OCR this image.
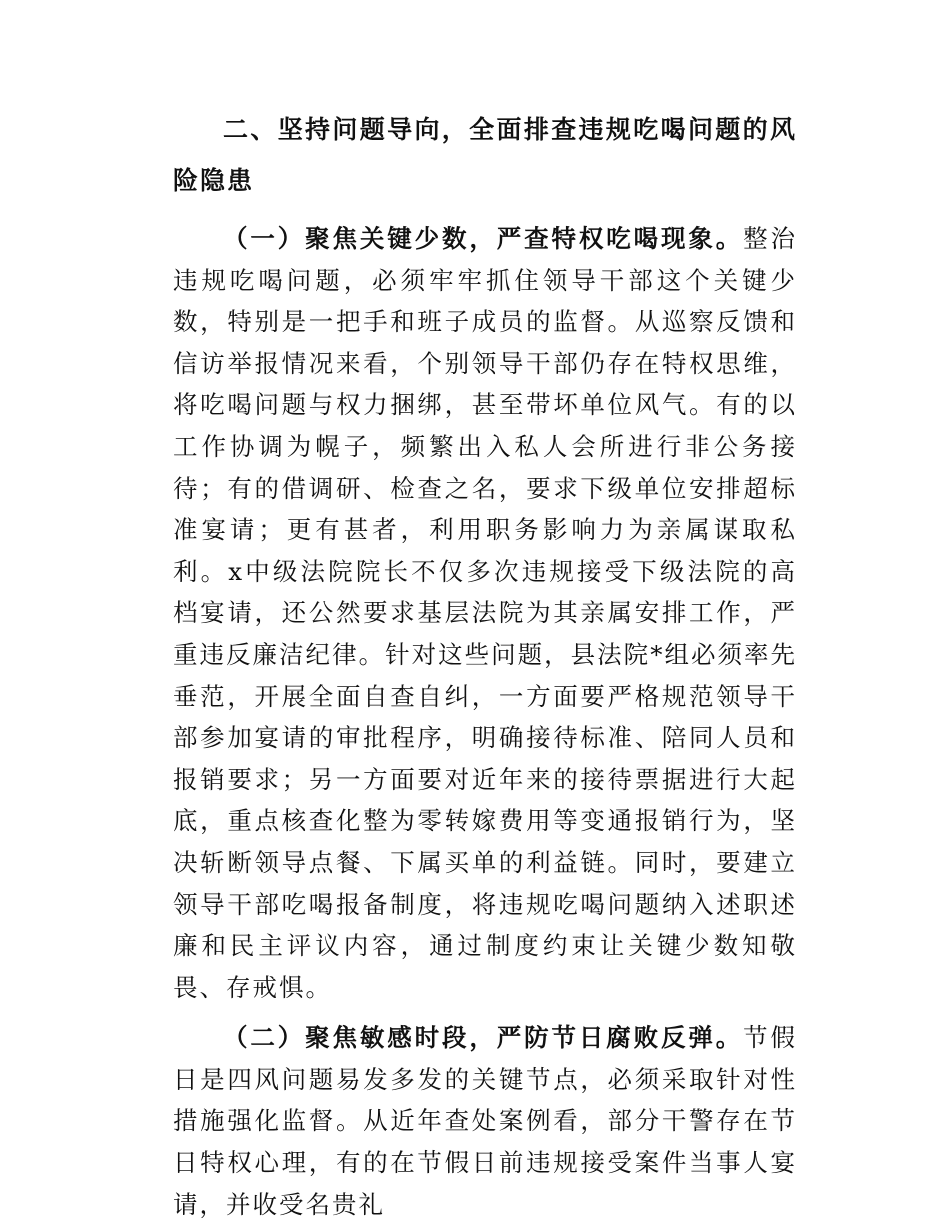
二、坚持问题导向，全面排查违规吃喝问题的风险隐患

（一）聚焦关键少数，严查特权吃喝现象。整治违规吃喝问题，必须牢牢抓住领导干部这个关键少数，特别是一把手和班子成员的监督。从巡察反馈和信访举报情况来看，个别领导干部仍存在特权思维，将吃喝问题与权力捆绑，甚至带坏单位风气。有的以工作协调为幌子，频繁出入私人会所进行非公务接待；有的借调研、检查之名，要求下级单位安排超标准宴请；更有甚者，利用职务影响力为亲属谋取私利。x中级法院院长不仅多次违规接受下级法院的高档宴请，还公然要求基层法院为其亲属安排工作，严重违反廉洁纪律。针对这些问题，县法院*组必须率先垂范，开展全面自查自纠，一方面要严格规范领导干部参加宴请的审批程序，明确接待标准、陪同人员和报销要求；另一方面要对近年来的接待票据进行大起底，重点核查化整为零转嫁费用等变通报销行为，坚决斩断领导点餐、下属买单的利益链。同时，要建立领导干部吃喝报备制度，将违规吃喝问题纳入述职述廉和民主评议内容，通过制度约束让关键少数知敬畏、存戒惧。

（二）聚焦敏感时段，严防节日腐败反弹。节假日是四风问题易发多发的关键节点，必须采取针对性措施强化监督。从近年查处案例看，部分干警存在节日特权心理，有的在节假日前违规接受案件当事人宴请，并收受名贵礼
